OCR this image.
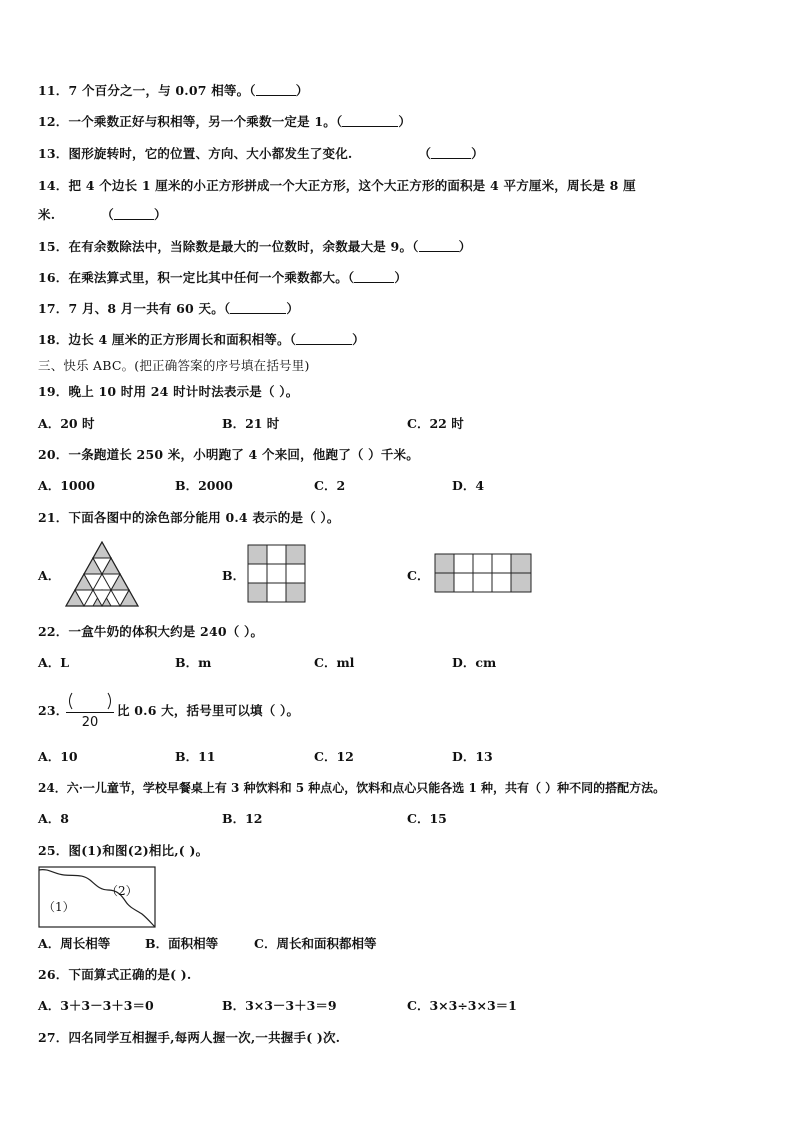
11．7 个百分之一，与 0.07 相等。（	）
12．一个乘数正好与积相等，另一个乘数一定是 1。（	）
13．图形旋转时，它的位置、方向、大小都发生了变化.	（	）
14．把 4 个边长 1 厘米的小正方形拼成一个大正方形，这个大正方形的面积是 4 平方厘米，周长是 8 厘
米.	（	）
15．在有余数除法中，当除数是最大的一位数时，余数最大是 9。（	）
16．在乘法算式里，积一定比其中任何一个乘数都大。（	）
17．7 月、8 月一共有 60 天。（	）
18．边长 4 厘米的正方形周长和面积相等。（	）
三、快乐 ABC。(把正确答案的序号填在括号里)
19．晚上 10 时用 24 时计时法表示是（ ）。
A．20 时	B．21 时	C．22 时
20．一条跑道长 250 米，小明跑了 4 个来回，他跑了（ ）千米。
A．1000	B．2000	C．2	D．4
21．下面各图中的涂色部分能用 0.4 表示的是（ ）。
A．	B．	C．
22．一盒牛奶的体积大约是 240（ ）。
A．L	B．m	C．ml	D．cm
23．
20
比 0.6 大，括号里可以填（ ）。
A．10	B．11	C．12	D．13
24．六·一儿童节，学校早餐桌上有 3 种饮料和 5 种点心，饮料和点心只能各选 1 种，共有（ ）种不同的搭配方法。
A．8	B．12	C．15
25．图(1)和图(2)相比,( )。
（1）
（2）
A．周长相等	B．面积相等	C．周长和面积都相等
26．下面算式正确的是( ).
A．3＋3－3＋3＝0	B．3×3－3＋3＝9	C．3×3÷3×3＝1
27．四名同学互相握手,每两人握一次,一共握手( )次.
